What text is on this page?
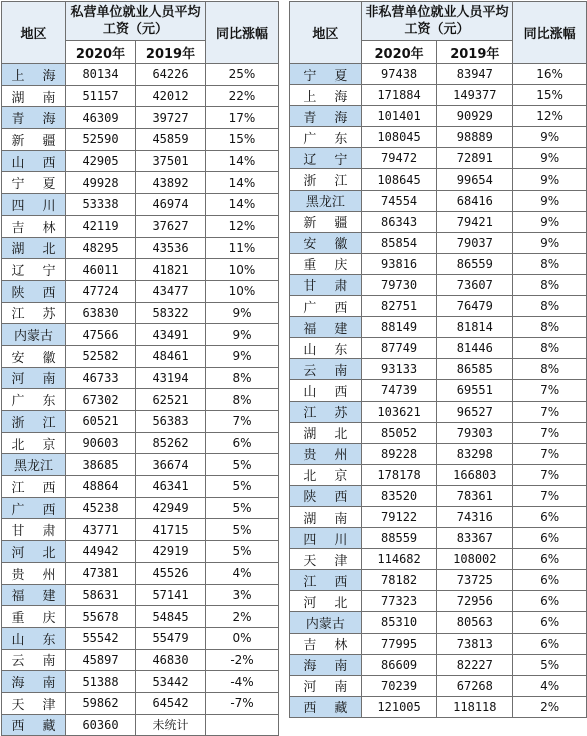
地区	私营单位就业人员平均工资（元）		同比涨幅
	2020年	2019年	
上海	80134	64226	25%
湖南	51157	42012	22%
青海	46309	39727	17%
新疆	52590	45859	15%
山西	42905	37501	14%
宁夏	49928	43892	14%
四川	53338	46974	14%
吉林	42119	37627	12%
湖北	48295	43536	11%
辽宁	46011	41821	10%
陕西	47724	43477	10%
江苏	63830	58322	9%
内蒙古	47566	43491	9%
安徽	52582	48461	9%
河南	46733	43194	8%
广东	67302	62521	8%
浙江	60521	56383	7%
北京	90603	85262	6%
黑龙江	38685	36674	5%
江西	48864	46341	5%
广西	45238	42949	5%
甘肃	43771	41715	5%
河北	44942	42919	5%
贵州	47381	45526	4%
福建	58631	57141	3%
重庆	55678	54845	2%
山东	55542	55479	0%
云南	45897	46830	-2%
海南	51388	53442	-4%
天津	59862	64542	-7%
西藏	60360	未统计	
地区	非私营单位就业人员平均工资（元）		同比涨幅
	2020年	2019年	
宁夏	97438	83947	16%
上海	171884	149377	15%
青海	101401	90929	12%
广东	108045	98889	9%
辽宁	79472	72891	9%
浙江	108645	99654	9%
黑龙江	74554	68416	9%
新疆	86343	79421	9%
安徽	85854	79037	9%
重庆	93816	86559	8%
甘肃	79730	73607	8%
广西	82751	76479	8%
福建	88149	81814	8%
山东	87749	81446	8%
云南	93133	86585	8%
山西	74739	69551	7%
江苏	103621	96527	7%
湖北	85052	79303	7%
贵州	89228	83298	7%
北京	178178	166803	7%
陕西	83520	78361	7%
湖南	79122	74316	6%
四川	88559	83367	6%
天津	114682	108002	6%
江西	78182	73725	6%
河北	77323	72956	6%
内蒙古	85310	80563	6%
吉林	77995	73813	6%
海南	86609	82227	5%
河南	70239	67268	4%
西藏	121005	118118	2%
